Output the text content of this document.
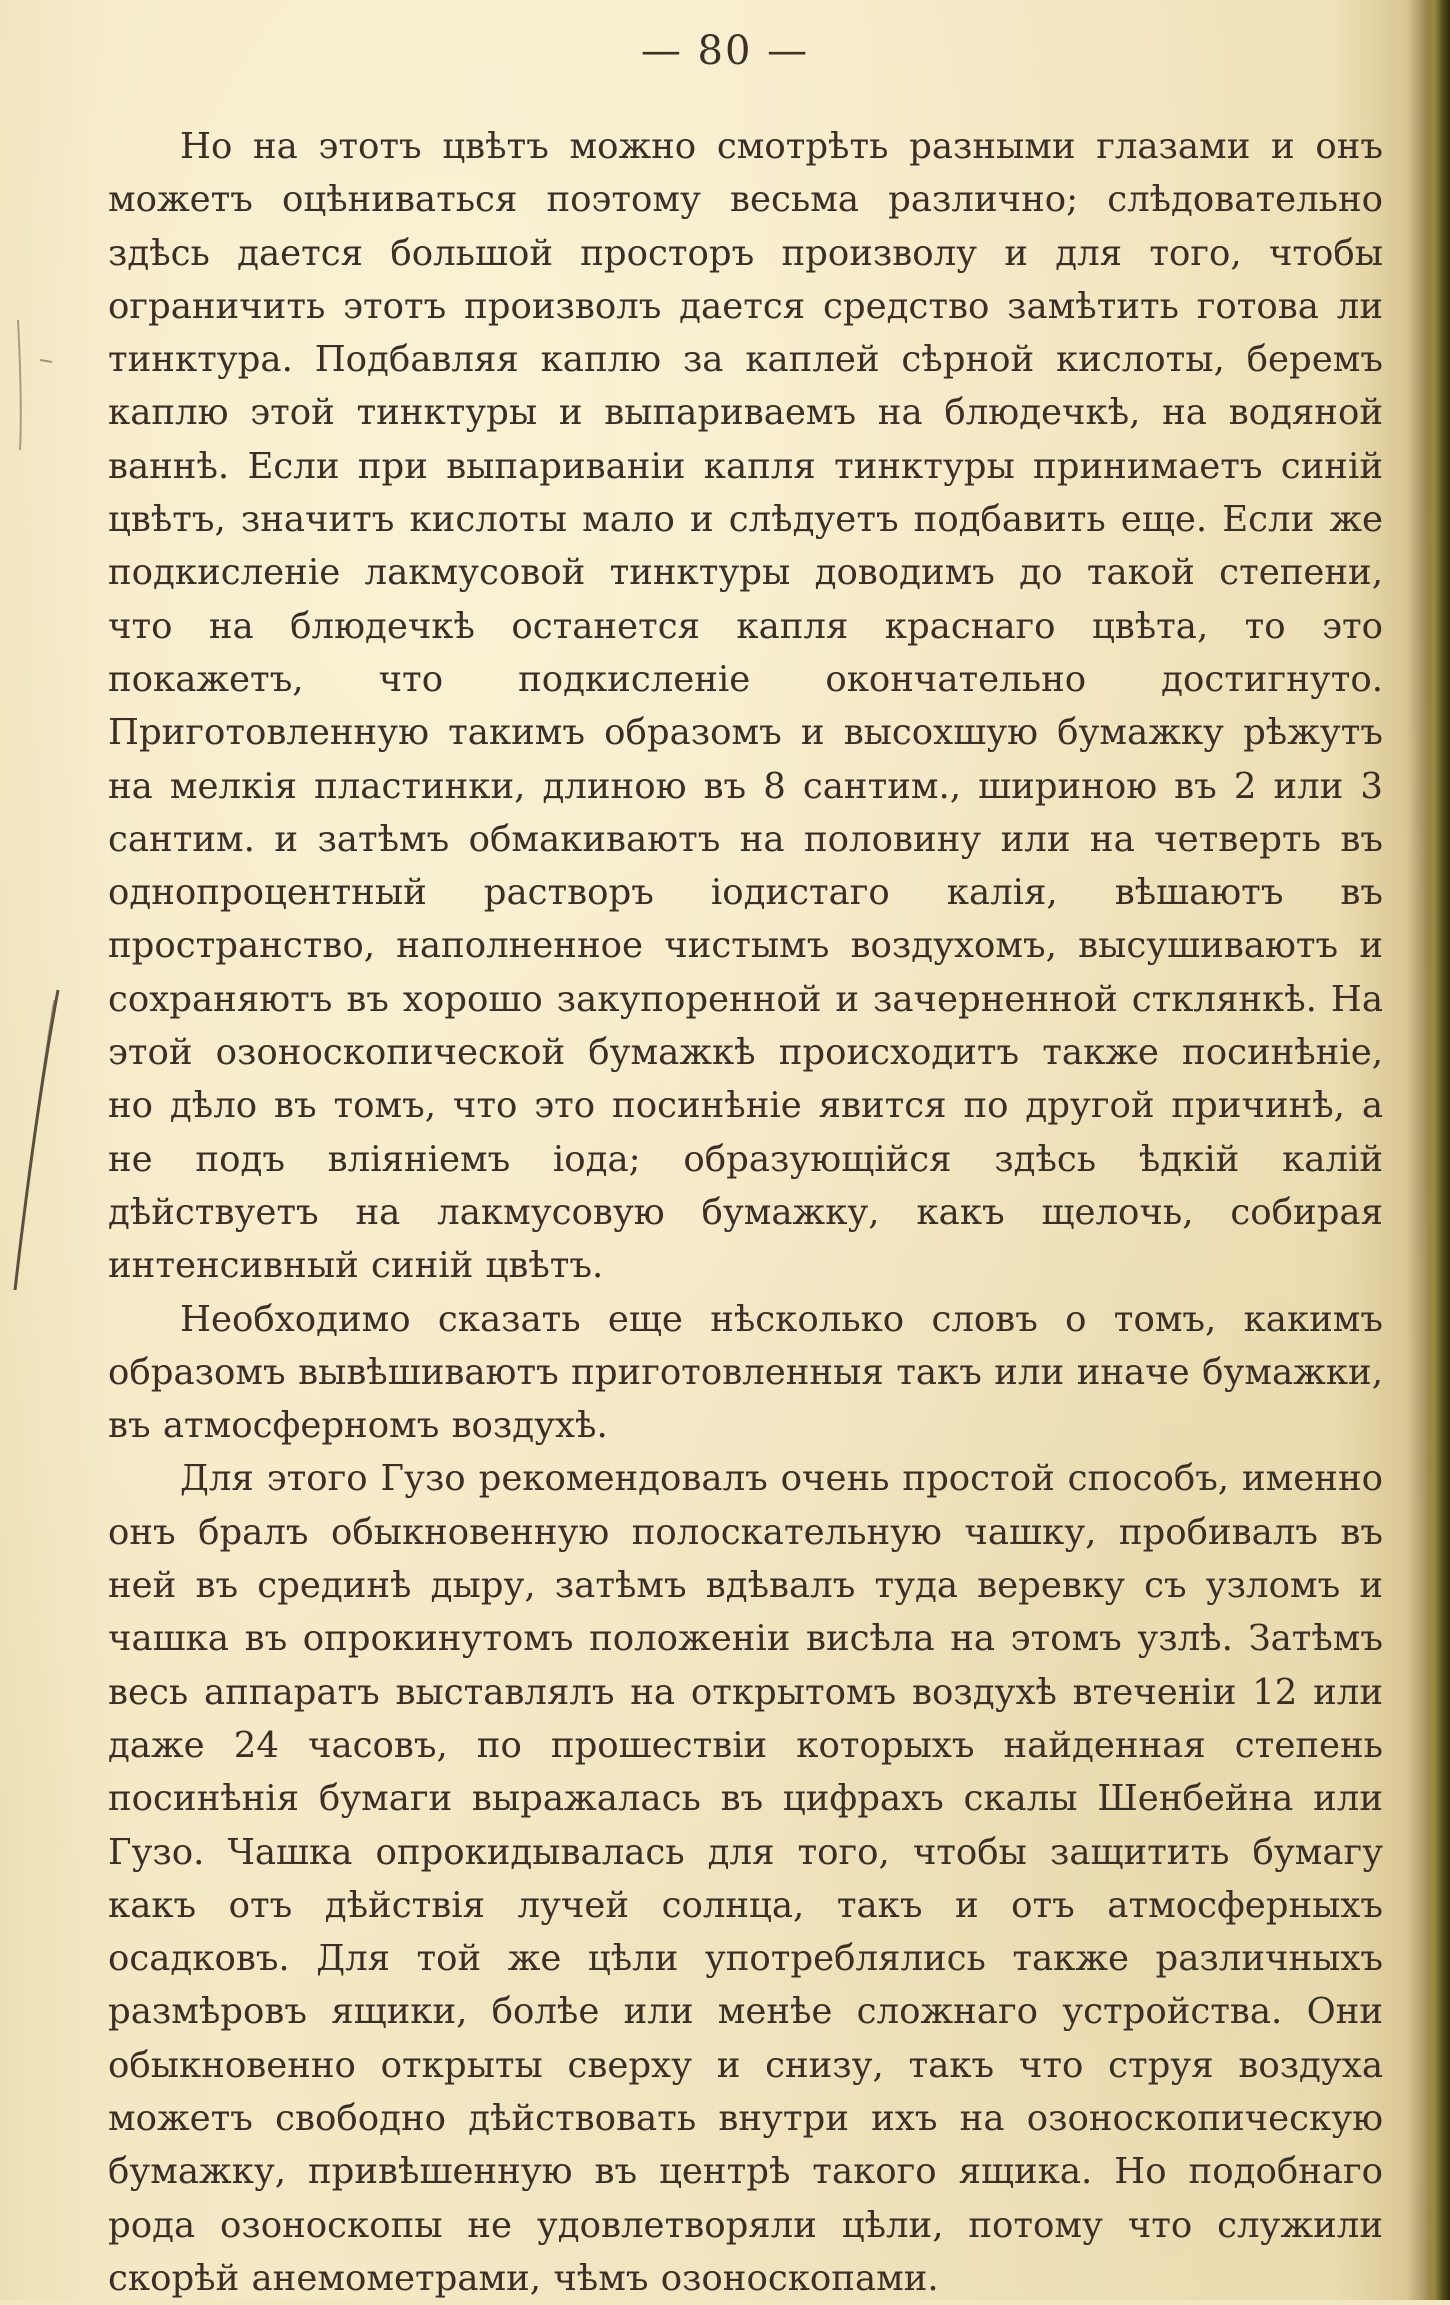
— 80 —

Но на этотъ цвѣтъ можно смотрѣть разными глазами и онъ можетъ оцѣниваться поэтому весьма различно; слѣдовательно здѣсь дается большой просторъ произволу и для того, чтобы ограничить этотъ произволъ дается средство замѣтить готова ли тинктура. Подбавляя каплю за каплей сѣрной кислоты, беремъ каплю этой тинктуры и выпариваемъ на блюдечкѣ, на водяной ваннѣ. Если при выпариванiи капля тинктуры принимаетъ синiй цвѣтъ, значитъ кислоты мало и слѣдуетъ подбавить еще. Если же подкисленiе лакмусовой тинктуры доводимъ до такой степени, что на блюдечкѣ останется капля краснаго цвѣта, то это покажетъ, что подкисленiе окончательно достигнуто. Приготовленную такимъ образомъ и высохшую бумажку рѣжутъ на мелкiя пластинки, длиною въ 8 сантим., шириною въ 2 или 3 сантим. и затѣмъ обмакиваютъ на половину или на четверть въ однопроцентный растворъ iодистаго калiя, вѣшаютъ въ пространство, наполненное чистымъ воздухомъ, высушиваютъ и сохраняютъ въ хорошо закупоренной и зачерненной стклянкѣ. На этой озоноскопической бумажкѣ происходитъ также посинѣнiе, но дѣло въ томъ, что это посинѣнiе явится по другой причинѣ, а не подъ влiянiемъ iода; образующiйся здѣсь ѣдкiй калiй дѣйствуетъ на лакмусовую бумажку, какъ щелочь, собирая интенсивный синiй цвѣтъ.

Необходимо сказать еще нѣсколько словъ о томъ, какимъ образомъ вывѣшиваютъ приготовленныя такъ или иначе бумажки, въ атмосферномъ воздухѣ.

Для этого Гузо рекомендовалъ очень простой способъ, именно онъ бралъ обыкновенную полоскательную чашку, пробивалъ въ ней въ срединѣ дыру, затѣмъ вдѣвалъ туда веревку съ узломъ и чашка въ опрокинутомъ положенiи висѣла на этомъ узлѣ. Затѣмъ весь аппаратъ выставлялъ на открытомъ воздухѣ втеченiи 12 или даже 24 часовъ, по прошествiи которыхъ найденная степень посинѣнiя бумаги выражалась въ цифрахъ скалы Шенбейна или Гузо. Чашка опрокидывалась для того, чтобы защитить бумагу какъ отъ дѣйствiя лучей солнца, такъ и отъ атмосферныхъ осадковъ. Для той же цѣли употреблялись также различныхъ размѣровъ ящики, болѣе или менѣе сложнаго устройства. Они обыкновенно открыты сверху и снизу, такъ что струя воздуха можетъ свободно дѣйствовать внутри ихъ на озоноскопическую бумажку, привѣшенную въ центрѣ такого ящика. Но подобнаго рода озоноскопы не удовлетворяли цѣли, потому что служили скорѣй анемометрами, чѣмъ озоноскопами.
